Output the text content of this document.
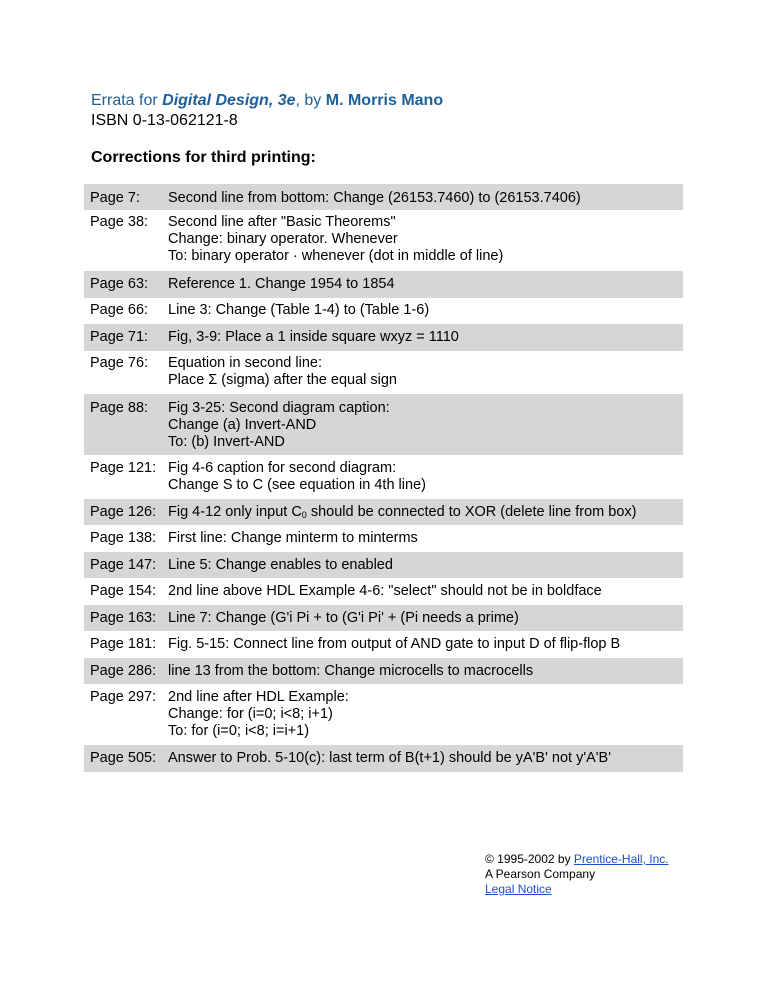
Errata for Digital Design, 3e, by M. Morris Mano
ISBN 0-13-062121-8
Corrections for third printing:
Page 7:	Second line from bottom: Change (26153.7460) to (26153.7406)
Page 38:	Second line after "Basic Theorems"
Change: binary operator. Whenever
To: binary operator · whenever (dot in middle of line)
Page 63:	Reference 1. Change 1954 to 1854
Page 66:	Line 3: Change (Table 1-4) to (Table 1-6)
Page 71:	Fig, 3-9: Place a 1 inside square wxyz = 1110
Page 76:	Equation in second line:
Place Σ (sigma) after the equal sign
Page 88:	Fig 3-25: Second diagram caption:
Change (a) Invert-AND
To: (b) Invert-AND
Page 121: Fig 4-6 caption for second diagram:
Change S to C (see equation in 4th line)
Page 126: Fig 4-12 only input $C_0$ should be connected to XOR (delete line from box)
Page 138: First line: Change minterm to minterms
Page 147: Line 5: Change enables to enabled
Page 154: 2nd line above HDL Example 4-6: "select" should not be in boldface
Page 163: Line 7: Change (G'i Pi + to (G'i Pi' + (Pi needs a prime)
Page 181: Fig. 5-15: Connect line from output of AND gate to input D of flip-flop B
Page 286: line 13 from the bottom: Change microcells to macrocells
Page 297: 2nd line after HDL Example:
Change: for (i=0; i<8; i+1)
To: for (i=0; i<8; i=i+1)
Page 505: Answer to Prob. 5-10(c): last term of B(t+1) should be yA'B' not y'A'B'
© 1995-2002 by Prentice-Hall, Inc.
A Pearson Company
Legal Notice
